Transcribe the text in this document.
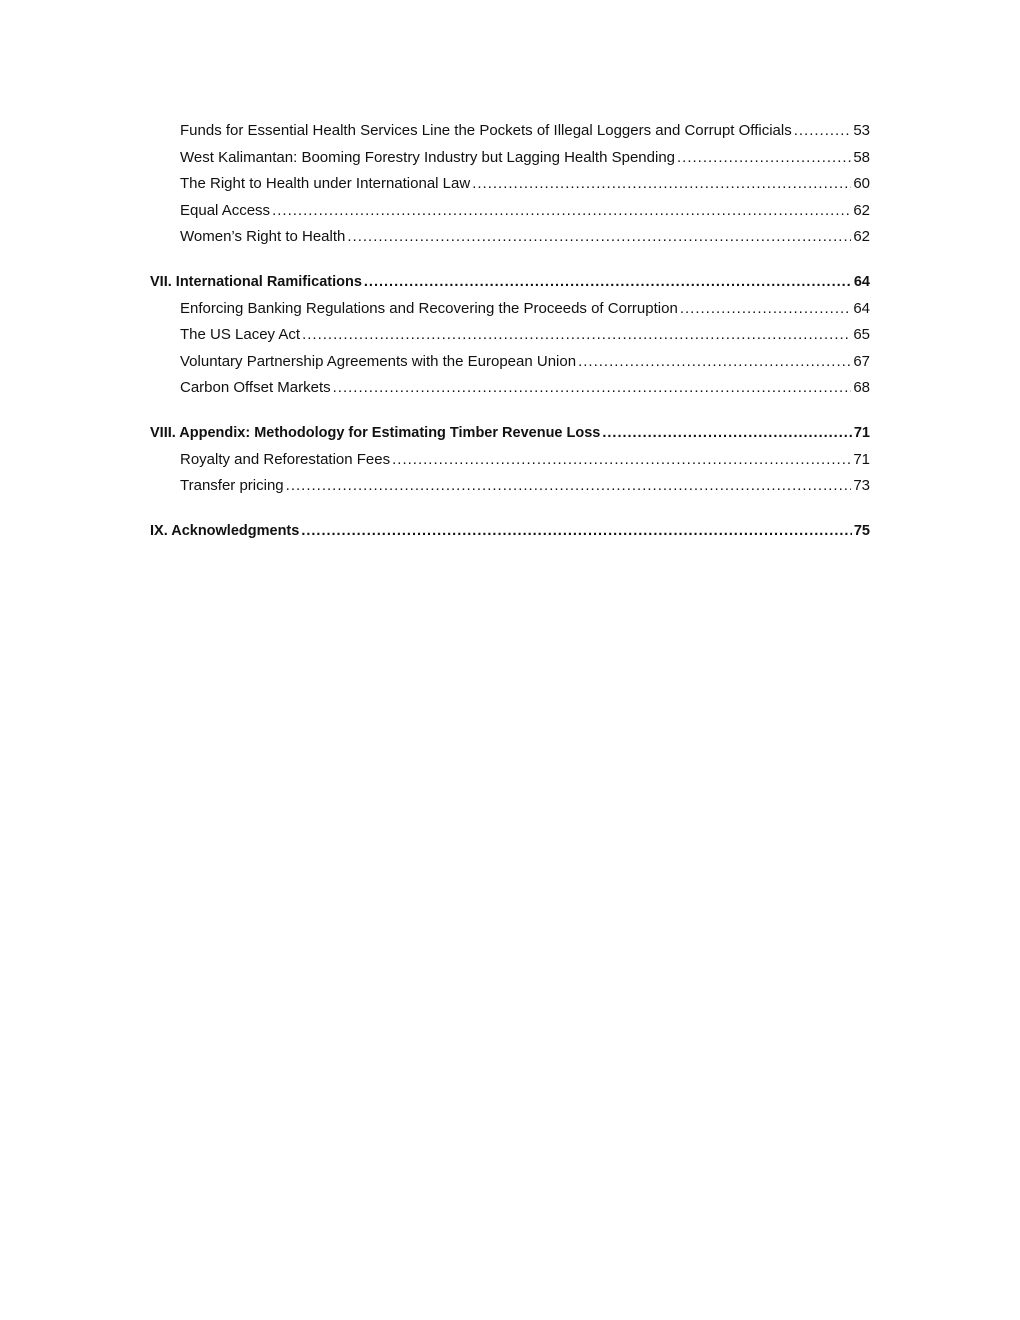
Funds for Essential Health Services Line the Pockets of Illegal Loggers and Corrupt Officials .....	53
West Kalimantan: Booming Forestry Industry but Lagging Health Spending .....	58
The Right to Health under International Law .....	60
Equal Access .....	62
Women’s Right to Health .....	62
VII. International Ramifications .....	64
Enforcing Banking Regulations and Recovering the Proceeds of Corruption .....	64
The US Lacey Act .....	65
Voluntary Partnership Agreements with the European Union .....	67
Carbon Offset Markets .....	68
VIII. Appendix: Methodology for Estimating Timber Revenue Loss .....	71
Royalty and Reforestation Fees .....	71
Transfer pricing .....	73
IX. Acknowledgments .....	75
